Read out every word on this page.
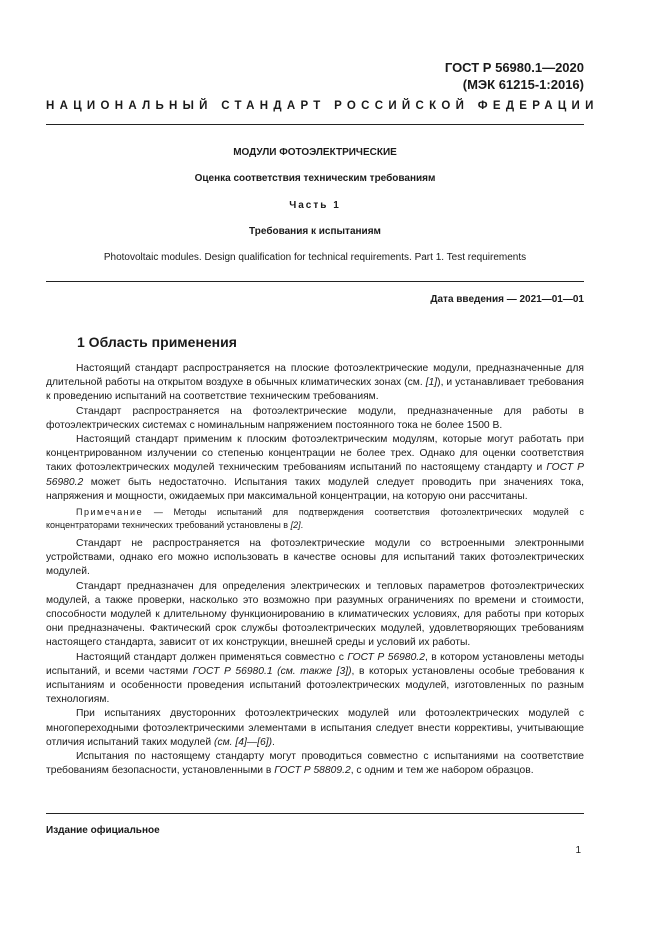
ГОСТ Р 56980.1—2020
(МЭК 61215-1:2016)
НАЦИОНАЛЬНЫЙ СТАНДАРТ РОССИЙСКОЙ ФЕДЕРАЦИИ
МОДУЛИ ФОТОЭЛЕКТРИЧЕСКИЕ
Оценка соответствия техническим требованиям
Часть 1
Требования к испытаниям
Photovoltaic modules. Design qualification for technical requirements. Part 1. Test requirements
Дата введения — 2021—01—01
1 Область применения

Настоящий стандарт распространяется на плоские фотоэлектрические модули, предназначенные для длительной работы на открытом воздухе в обычных климатических зонах (см. [1]), и устанавливает требования к проведению испытаний на соответствие техническим требованиям.

Стандарт распространяется на фотоэлектрические модули, предназначенные для работы в фотоэлектрических системах с номинальным напряжением постоянного тока не более 1500 В.

Настоящий стандарт применим к плоским фотоэлектрическим модулям, которые могут работать при концентрированном излучении со степенью концентрации не более трех. Однако для оценки соответствия таких фотоэлектрических модулей техническим требованиям испытаний по настоящему стандарту и ГОСТ Р 56980.2 может быть недостаточно. Испытания таких модулей следует проводить при значениях тока, напряжения и мощности, ожидаемых при максимальной концентрации, на которую они рассчитаны.

Примечание — Методы испытаний для подтверждения соответствия фотоэлектрических модулей с концентраторами технических требований установлены в [2].

Стандарт не распространяется на фотоэлектрические модули со встроенными электронными устройствами, однако его можно использовать в качестве основы для испытаний таких фотоэлектрических модулей.

Стандарт предназначен для определения электрических и тепловых параметров фотоэлектрических модулей, а также проверки, насколько это возможно при разумных ограничениях по времени и стоимости, способности модулей к длительному функционированию в климатических условиях, для работы при которых они предназначены. Фактический срок службы фотоэлектрических модулей, удовлетворяющих требованиям настоящего стандарта, зависит от их конструкции, внешней среды и условий их работы.

Настоящий стандарт должен применяться совместно с ГОСТ Р 56980.2, в котором установлены методы испытаний, и всеми частями ГОСТ Р 56980.1 (см. также [3]), в которых установлены особые требования к испытаниям и особенности проведения испытаний фотоэлектрических модулей, изготовленных по разным технологиям.

При испытаниях двусторонних фотоэлектрических модулей или фотоэлектрических модулей с многопереходными фотоэлектрическими элементами в испытания следует внести коррективы, учитывающие отличия испытаний таких модулей (см. [4]—[6]).

Испытания по настоящему стандарту могут проводиться совместно с испытаниями на соответствие требованиям безопасности, установленными в ГОСТ Р 58809.2, с одним и тем же набором образцов.

Издание официальное
1
